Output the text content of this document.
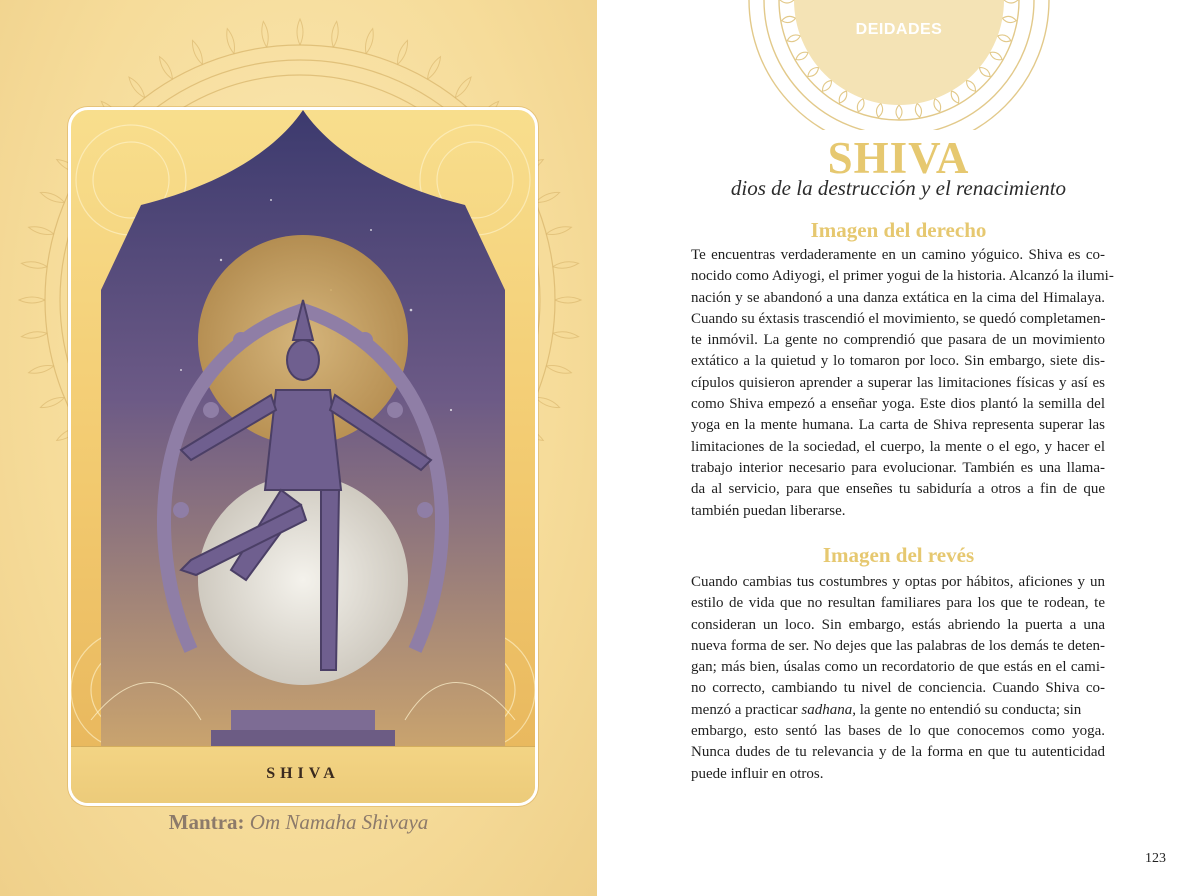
SHIVA
Mantra: Om Namaha Shivaya
DEIDADES
SHIVA
dios de la destrucción y el renacimiento
Imagen del derecho
Te encuentras verdaderamente en un camino yóguico. Shiva es co-
nocido como Adiyogi, el primer yogui de la historia. Alcanzó la ilumi-
nación y se abandonó a una danza extática en la cima del Himalaya.
Cuando su éxtasis trascendió el movimiento, se quedó completamen-
te inmóvil. La gente no comprendió que pasara de un movimiento
extático a la quietud y lo tomaron por loco. Sin embargo, siete dis-
cípulos quisieron aprender a superar las limitaciones físicas y así es
como Shiva empezó a enseñar yoga. Este dios plantó la semilla del
yoga en la mente humana. La carta de Shiva representa superar las
limitaciones de la sociedad, el cuerpo, la mente o el ego, y hacer el
trabajo interior necesario para evolucionar. También es una llama-
da al servicio, para que enseñes tu sabiduría a otros a fin de que
también puedan liberarse.
Imagen del revés
Cuando cambias tus costumbres y optas por hábitos, aficiones y un
estilo de vida que no resultan familiares para los que te rodean, te
consideran un loco. Sin embargo, estás abriendo la puerta a una
nueva forma de ser. No dejes que las palabras de los demás te deten-
gan; más bien, úsalas como un recordatorio de que estás en el cami-
no correcto, cambiando tu nivel de conciencia. Cuando Shiva co-
menzó a practicar sadhana, la gente no entendió su conducta; sin
embargo, esto sentó las bases de lo que conocemos como yoga.
Nunca dudes de tu relevancia y de la forma en que tu autenticidad
puede influir en otros.
123
